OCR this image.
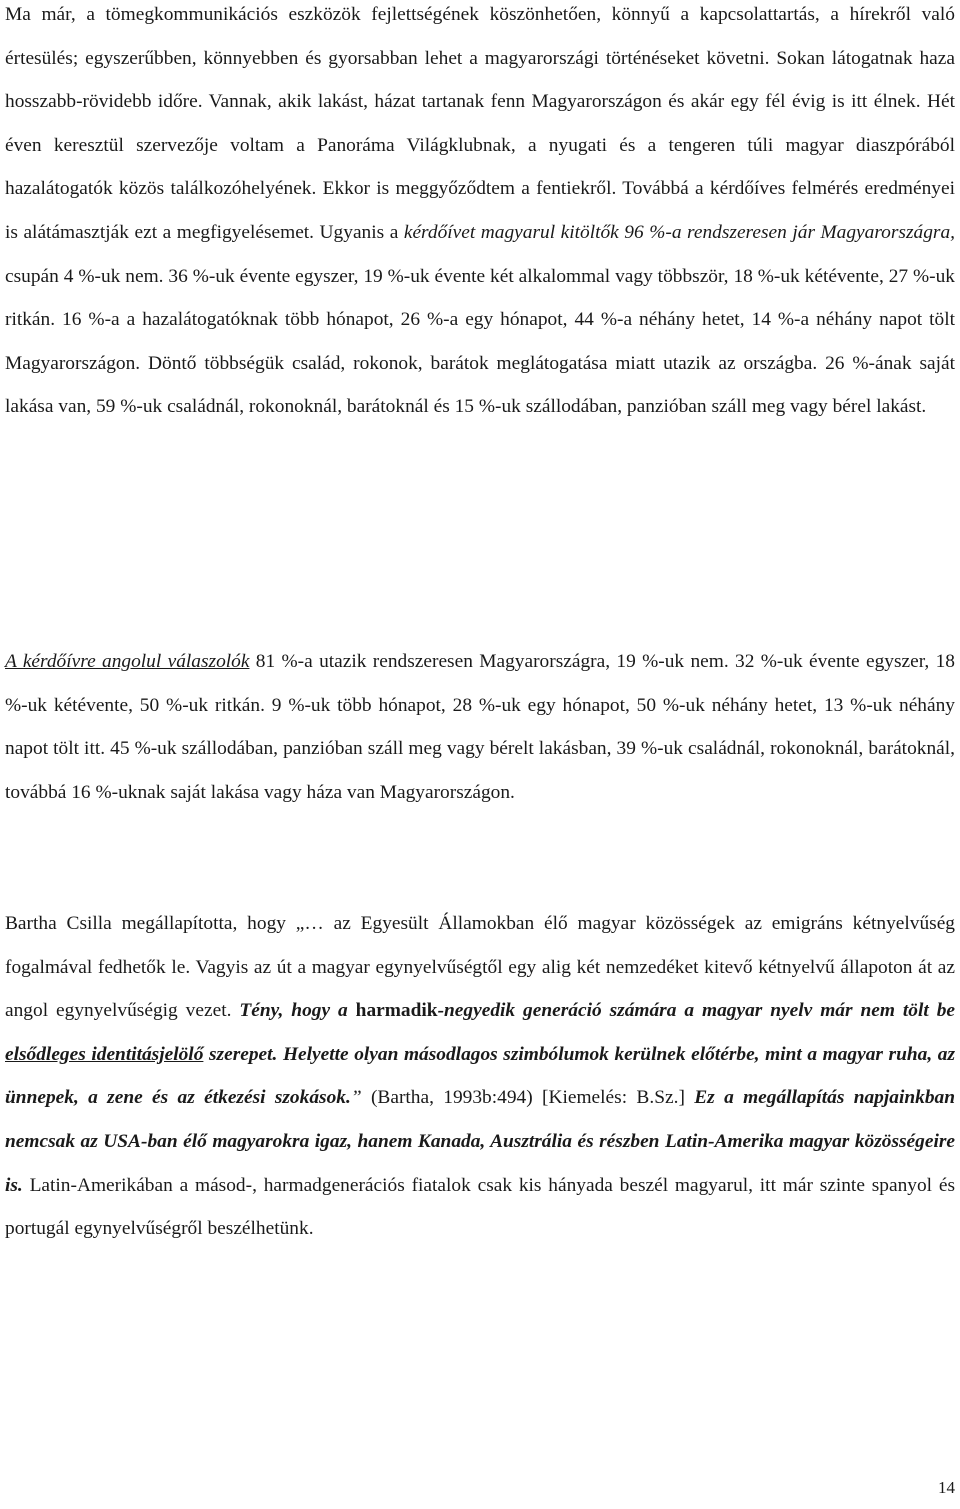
Ma már, a tömegkommunikációs eszközök fejlettségének köszönhetően, könnyű a kapcsolattartás, a hírekről való értesülés; egyszerűbben, könnyebben és gyorsabban lehet a magyarországi történéseket követni. Sokan látogatnak haza hosszabb-rövidebb időre. Vannak, akik lakást, házat tartanak fenn Magyarországon és akár egy fél évig is itt élnek. Hét éven keresztül szervezője voltam a Panoráma Világklubnak, a nyugati és a tengeren túli magyar diaszpórából hazalátogatók közös találkozóhelyének. Ekkor is meggyőződtem a fentiekről. Továbbá a kérdőíves felmérés eredményei is alátámasztják ezt a megfigyelésemet. Ugyanis a kérdőívet magyarul kitöltők 96 %-a rendszeresen jár Magyarországra, csupán 4 %-uk nem. 36 %-uk évente egyszer, 19 %-uk évente két alkalommal vagy többször, 18 %-uk kétévente, 27 %-uk ritkán. 16 %-a a hazalátogatóknak több hónapot, 26 %-a egy hónapot, 44 %-a néhány hetet, 14 %-a néhány napot tölt Magyarországon. Döntő többségük család, rokonok, barátok meglátogatása miatt utazik az országba. 26 %-ának saját lakása van, 59 %-uk családnál, rokonoknál, barátoknál és 15 %-uk szállodában, panzióban száll meg vagy bérel lakást.

A kérdőívre angolul válaszolók 81 %-a utazik rendszeresen Magyarországra, 19 %-uk nem. 32 %-uk évente egyszer, 18 %-uk kétévente, 50 %-uk ritkán. 9 %-uk több hónapot, 28 %-uk egy hónapot, 50 %-uk néhány hetet, 13 %-uk néhány napot tölt itt. 45 %-uk szállodában, panzióban száll meg vagy bérelt lakásban, 39 %-uk családnál, rokonoknál, barátoknál, továbbá 16 %-uknak saját lakása vagy háza van Magyarországon.

Bartha Csilla megállapította, hogy „… az Egyesült Államokban élő magyar közösségek az emigráns kétnyelvűség fogalmával fedhetők le. Vagyis az út a magyar egynyelvűségtől egy alig két nemzedéket kitevő kétnyelvű állapoton át az angol egynyelvűségig vezet. Tény, hogy a harmadik-negyedik generáció számára a magyar nyelv már nem tölt be elsődleges identitásjelölő szerepet. Helyette olyan másodlagos szimbólumok kerülnek előtérbe, mint a magyar ruha, az ünnepek, a zene és az étkezési szokások.” (Bartha, 1993b:494) [Kiemelés: B.Sz.] Ez a megállapítás napjainkban nemcsak az USA-ban élő magyarokra igaz, hanem Kanada, Ausztrália és részben Latin-Amerika magyar közösségeire is. Latin-Amerikában a másod-, harmadgenerációs fiatalok csak kis hányada beszél magyarul, itt már szinte spanyol és portugál egynyelvűségről beszélhetünk.

14
